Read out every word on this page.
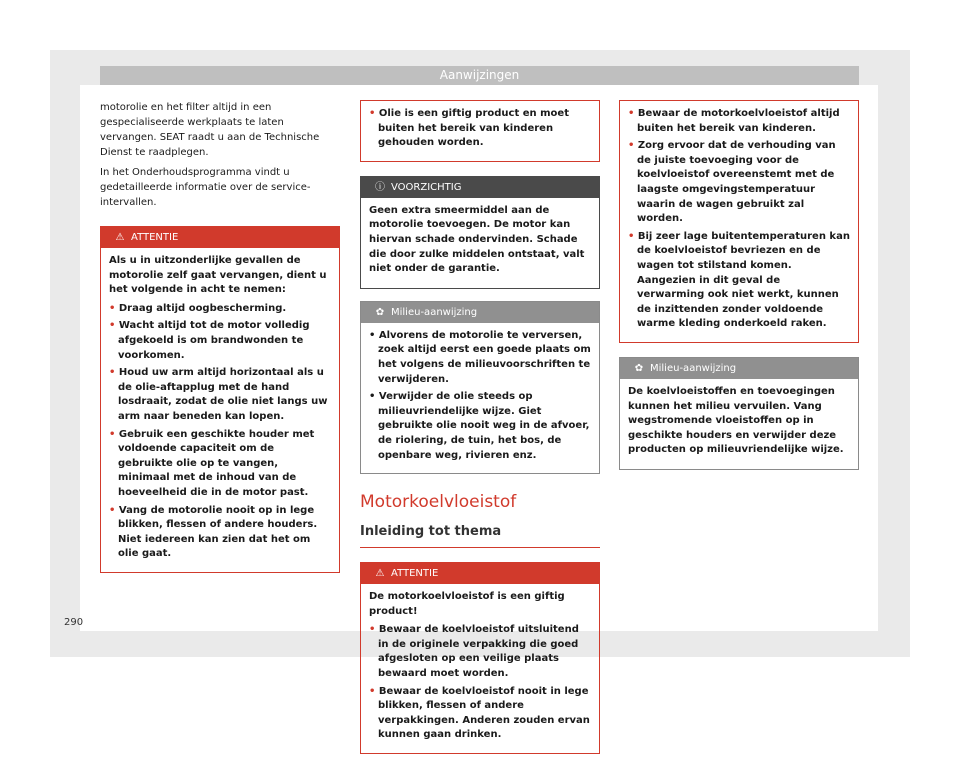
Aanwijzingen

motorolie en het filter altijd in een gespecialiseerde werkplaats te laten vervangen. SEAT raadt u aan de Technische Dienst te raadplegen.

In het Onderhoudsprogramma vindt u gedetailleerde informatie over de service-intervallen.

⚠ ATTENTIE

Als u in uitzonderlijke gevallen de motorolie zelf gaat vervangen, dient u het volgende in acht te nemen:

• Draag altijd oogbescherming.
• Wacht altijd tot de motor volledig afgekoeld is om brandwonden te voorkomen.
• Houd uw arm altijd horizontaal als u de olie-aftapplug met de hand losdraait, zodat de olie niet langs uw arm naar beneden kan lopen.
• Gebruik een geschikte houder met voldoende capaciteit om de gebruikte olie op te vangen, minimaal met de inhoud van de hoeveelheid die in de motor past.
• Vang de motorolie nooit op in lege blikken, flessen of andere houders. Niet iedereen kan zien dat het om olie gaat.
• Olie is een giftig product en moet buiten het bereik van kinderen gehouden worden.
ⓘ VOORZICHTIG

Geen extra smeermiddel aan de motorolie toevoegen. De motor kan hiervan schade ondervinden. Schade die door zulke middelen ontstaat, valt niet onder de garantie.

✿ Milieu-aanwijzing
• Alvorens de motorolie te verversen, zoek altijd eerst een goede plaats om het volgens de milieuvoorschriften te verwijderen.
• Verwijder de olie steeds op milieuvriendelijke wijze. Giet gebruikte olie nooit weg in de afvoer, de riolering, de tuin, het bos, de openbare weg, rivieren enz.
Motorkoelvloeistof
Inleiding tot thema
⚠ ATTENTIE

De motorkoelvloeistof is een giftig product!

• Bewaar de koelvloeistof uitsluitend in de originele verpakking die goed afgesloten op een veilige plaats bewaard moet worden.
• Bewaar de koelvloeistof nooit in lege blikken, flessen of andere verpakkingen. Anderen zouden ervan kunnen gaan drinken.
• Bewaar de motorkoelvloeistof altijd buiten het bereik van kinderen.
• Zorg ervoor dat de verhouding van de juiste toevoeging voor de koelvloeistof overeenstemt met de laagste omgevingstemperatuur waarin de wagen gebruikt zal worden.
• Bij zeer lage buitentemperaturen kan de koelvloeistof bevriezen en de wagen tot stilstand komen. Aangezien in dit geval de verwarming ook niet werkt, kunnen de inzittenden zonder voldoende warme kleding onderkoeld raken.
✿ Milieu-aanwijzing

De koelvloeistoffen en toevoegingen kunnen het milieu vervuilen. Vang wegstromende vloeistoffen op in geschikte houders en verwijder deze producten op milieuvriendelijke wijze.

290
